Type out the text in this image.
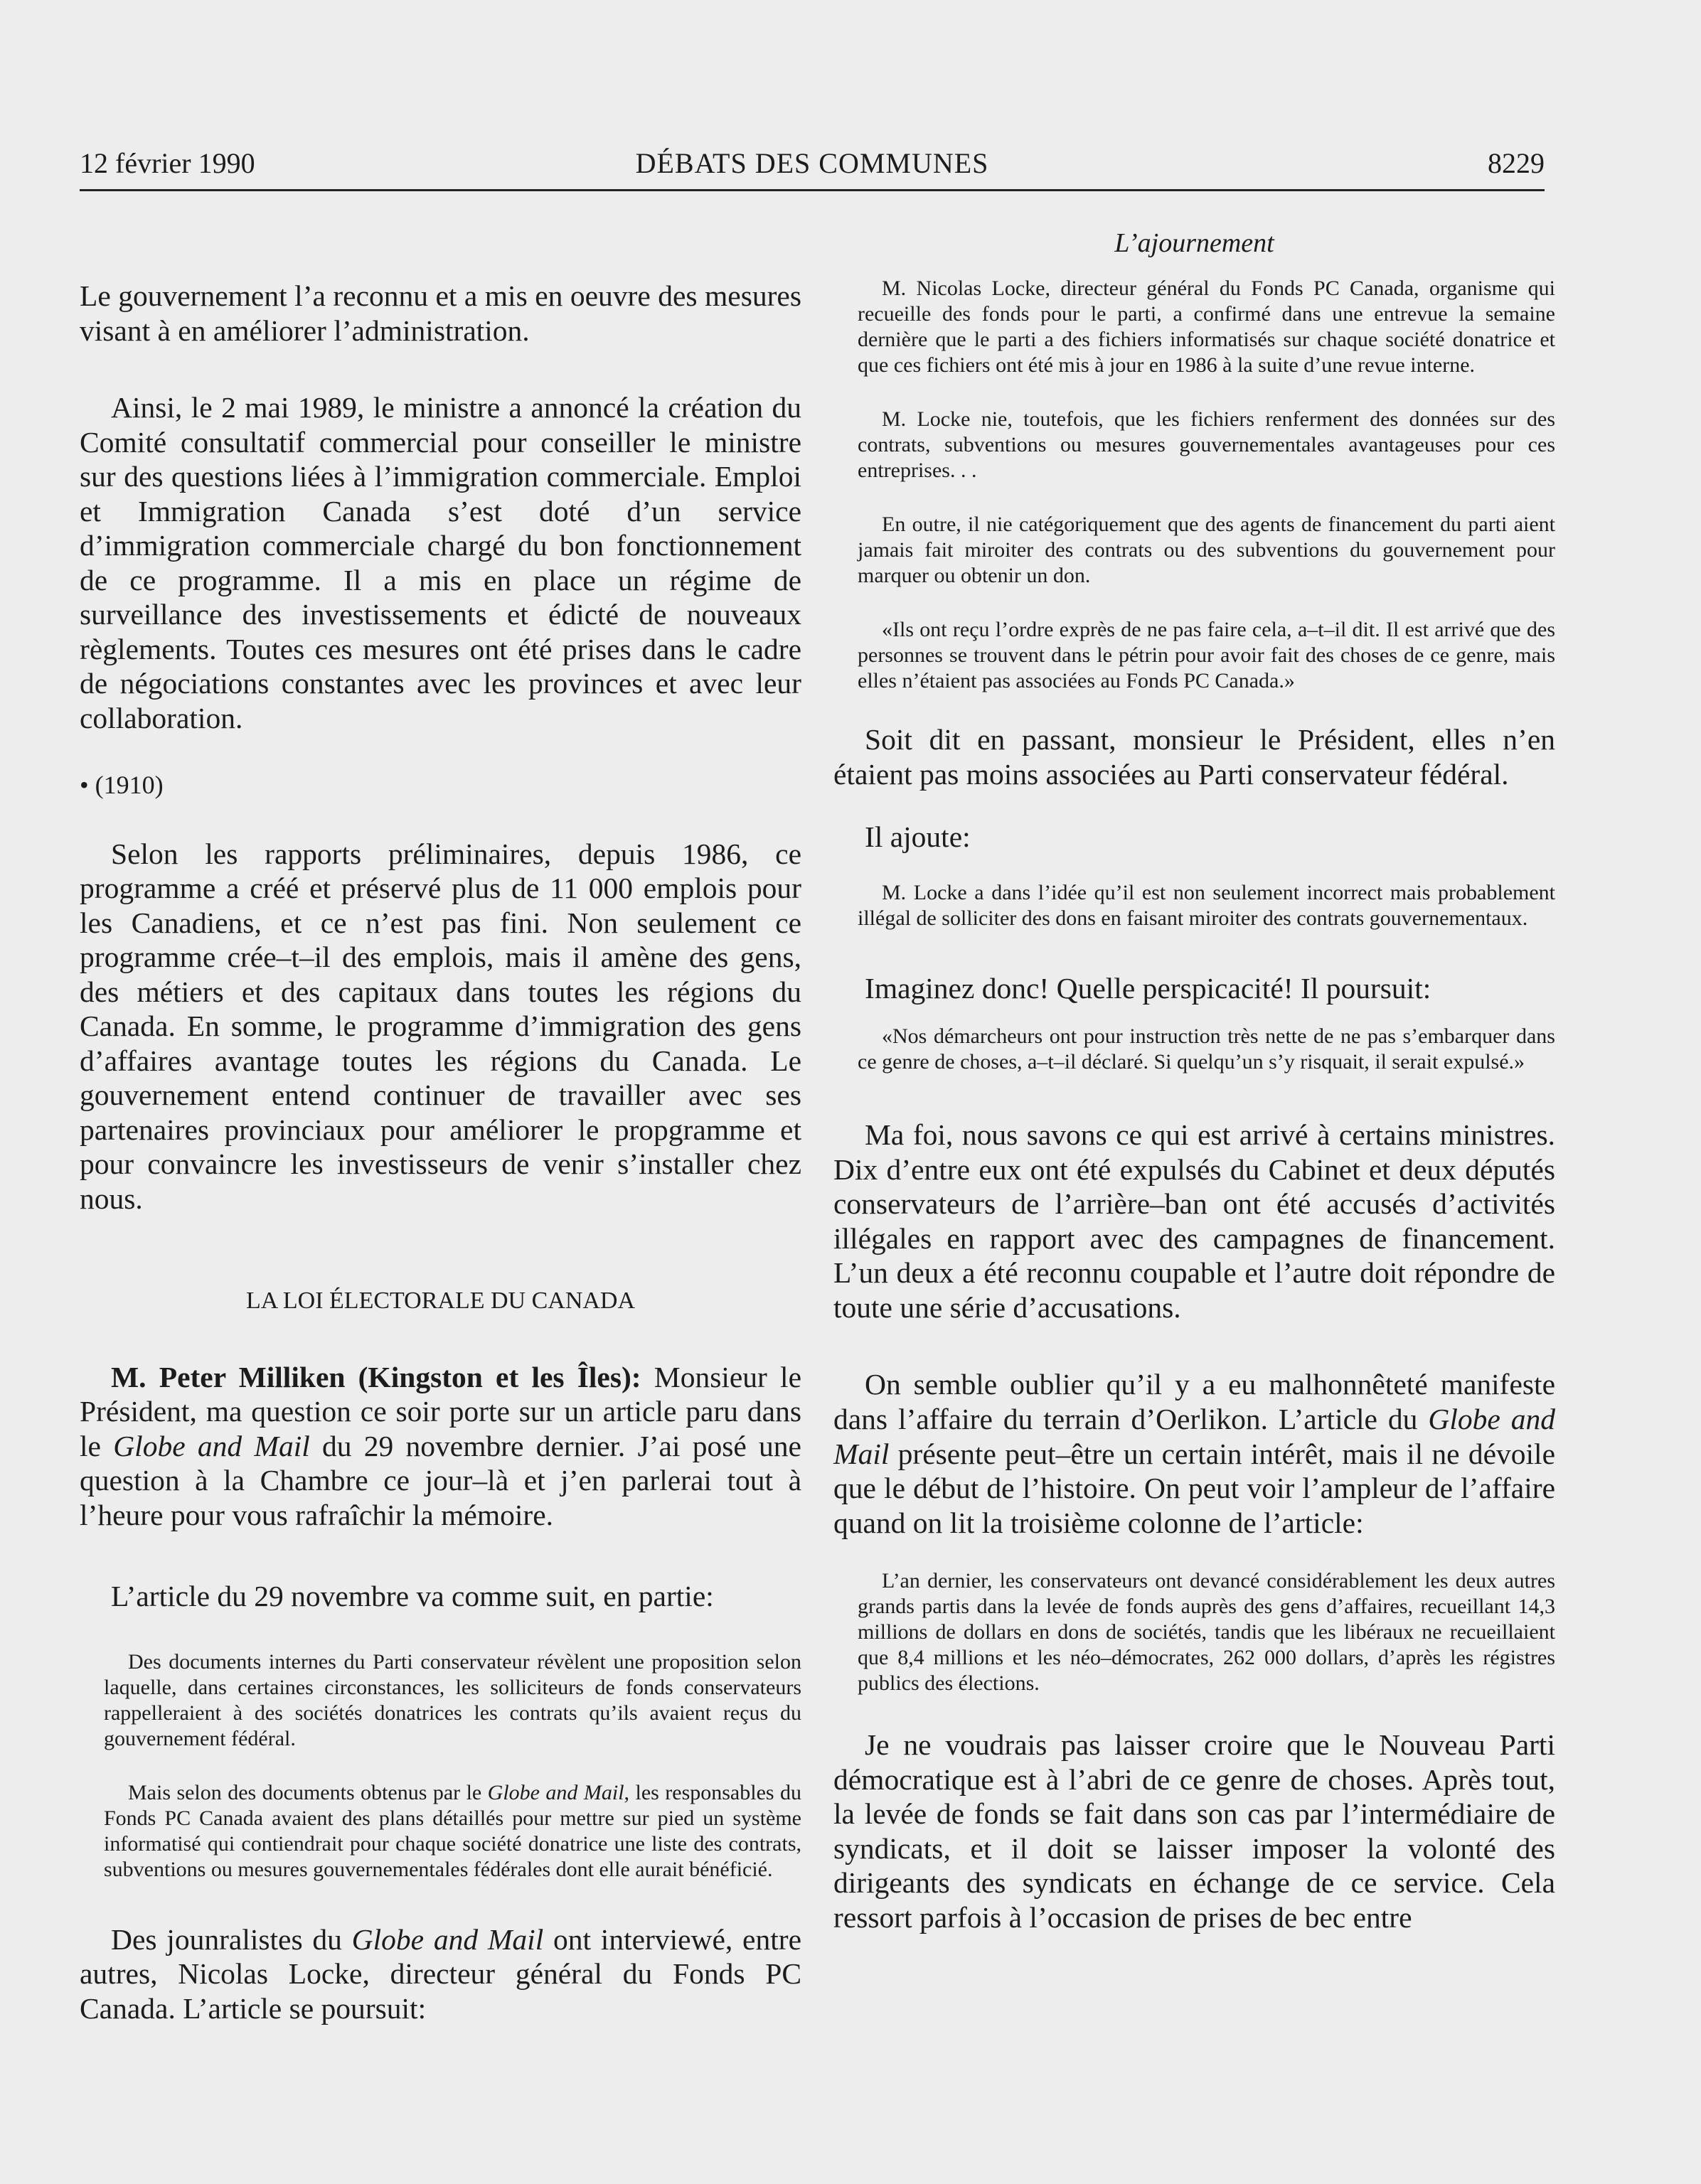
12 février 1990	DÉBATS DES COMMUNES	8229

Le gouvernement l’a reconnu et a mis en oeuvre des mesures visant à en améliorer l’administration.

Ainsi, le 2 mai 1989, le ministre a annoncé la création du Comité consultatif commercial pour conseiller le ministre sur des questions liées à l’immigration commerciale. Emploi et Immigration Canada s’est doté d’un service d’immigration commerciale chargé du bon fonctionnement de ce programme. Il a mis en place un régime de surveillance des investissements et édicté de nouveaux règlements. Toutes ces mesures ont été prises dans le cadre de négociations constantes avec les provinces et avec leur collaboration.

• (1910)

Selon les rapports préliminaires, depuis 1986, ce programme a créé et préservé plus de 11 000 emplois pour les Canadiens, et ce n’est pas fini. Non seulement ce programme crée–t–il des emplois, mais il amène des gens, des métiers et des capitaux dans toutes les régions du Canada. En somme, le programme d’immigration des gens d’affaires avantage toutes les régions du Canada. Le gouvernement entend continuer de travailler avec ses partenaires provinciaux pour améliorer le propgramme et pour convaincre les investisseurs de venir s’installer chez nous.

LA LOI ÉLECTORALE DU CANADA

M. Peter Milliken (Kingston et les Îles): Monsieur le Président, ma question ce soir porte sur un article paru dans le Globe and Mail du 29 novembre dernier. J’ai posé une question à la Chambre ce jour–là et j’en parlerai tout à l’heure pour vous rafraîchir la mémoire.

L’article du 29 novembre va comme suit, en partie:

Des documents internes du Parti conservateur révèlent une proposition selon laquelle, dans certaines circonstances, les solliciteurs de fonds conservateurs rappelleraient à des sociétés donatrices les contrats qu’ils avaient reçus du gouvernement fédéral.

Mais selon des documents obtenus par le Globe and Mail, les responsables du Fonds PC Canada avaient des plans détaillés pour mettre sur pied un système informatisé qui contiendrait pour chaque société donatrice une liste des contrats, subventions ou mesures gouvernementales fédérales dont elle aurait bénéficié.

Des jounralistes du Globe and Mail ont interviewé, entre autres, Nicolas Locke, directeur général du Fonds PC Canada. L’article se poursuit:

L’ajournement

M. Nicolas Locke, directeur général du Fonds PC Canada, organisme qui recueille des fonds pour le parti, a confirmé dans une entrevue la semaine dernière que le parti a des fichiers informatisés sur chaque société donatrice et que ces fichiers ont été mis à jour en 1986 à la suite d’une revue interne.

M. Locke nie, toutefois, que les fichiers renferment des données sur des contrats, subventions ou mesures gouvernementales avantageuses pour ces entreprises. . .

En outre, il nie catégoriquement que des agents de financement du parti aient jamais fait miroiter des contrats ou des subventions du gouvernement pour marquer ou obtenir un don.

«Ils ont reçu l’ordre exprès de ne pas faire cela, a–t–il dit. Il est arrivé que des personnes se trouvent dans le pétrin pour avoir fait des choses de ce genre, mais elles n’étaient pas associées au Fonds PC Canada.»

Soit dit en passant, monsieur le Président, elles n’en étaient pas moins associées au Parti conservateur fédéral.

Il ajoute:

M. Locke a dans l’idée qu’il est non seulement incorrect mais probablement illégal de solliciter des dons en faisant miroiter des contrats gouvernementaux.

Imaginez donc! Quelle perspicacité! Il poursuit:

«Nos démarcheurs ont pour instruction très nette de ne pas s’embarquer dans ce genre de choses, a–t–il déclaré. Si quelqu’un s’y risquait, il serait expulsé.»

Ma foi, nous savons ce qui est arrivé à certains ministres. Dix d’entre eux ont été expulsés du Cabinet et deux députés conservateurs de l’arrière–ban ont été accusés d’activités illégales en rapport avec des campagnes de financement. L’un deux a été reconnu coupable et l’autre doit répondre de toute une série d’accusations.

On semble oublier qu’il y a eu malhonnêteté manifeste dans l’affaire du terrain d’Oerlikon. L’article du Globe and Mail présente peut–être un certain intérêt, mais il ne dévoile que le début de l’histoire. On peut voir l’ampleur de l’affaire quand on lit la troisième colonne de l’article:

L’an dernier, les conservateurs ont devancé considérablement les deux autres grands partis dans la levée de fonds auprès des gens d’affaires, recueillant 14,3 millions de dollars en dons de sociétés, tandis que les libéraux ne recueillaient que 8,4 millions et les néo–démocrates, 262 000 dollars, d’après les régistres publics des élections.

Je ne voudrais pas laisser croire que le Nouveau Parti démocratique est à l’abri de ce genre de choses. Après tout, la levée de fonds se fait dans son cas par l’intermédiaire de syndicats, et il doit se laisser imposer la volonté des dirigeants des syndicats en échange de ce service. Cela ressort parfois à l’occasion de prises de bec entre
